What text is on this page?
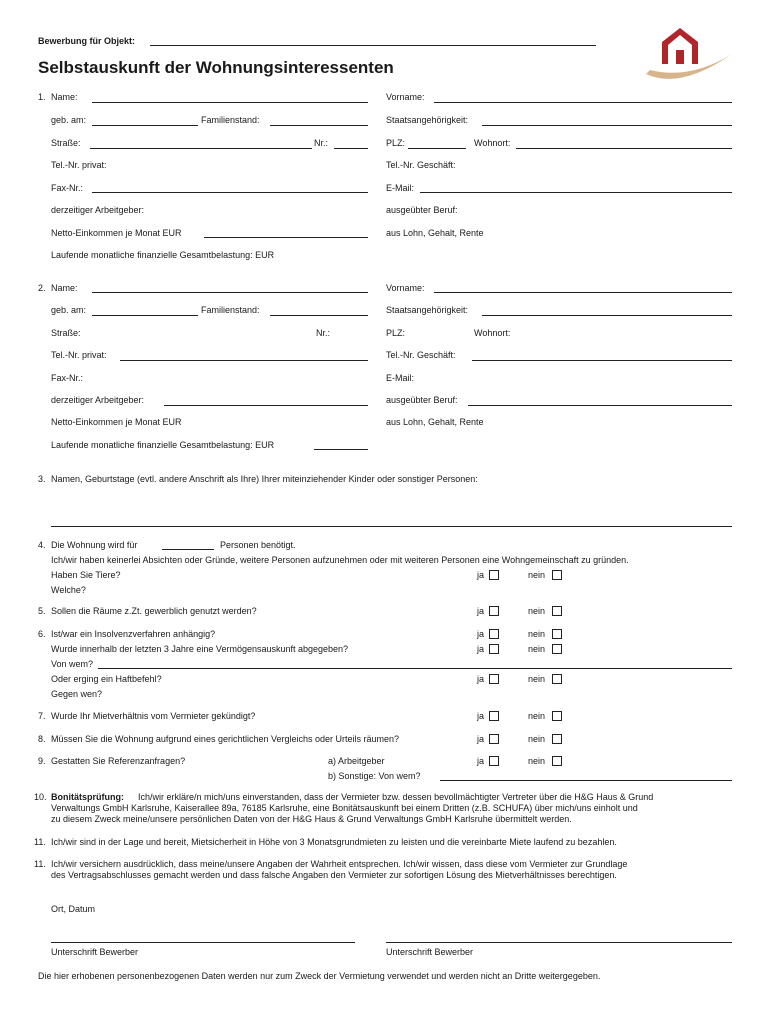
Bewerbung für Objekt:
Selbstauskunft der Wohnungsinteressenten
1. Name:	Vorname:
geb. am:	Familienstand:	Staatsangehörigkeit:
Straße:	Nr.:	PLZ:	Wohnort:
Tel.-Nr. privat:	Tel.-Nr. Geschäft:
Fax-Nr.:	E-Mail:
derzeitiger Arbeitgeber:	ausgeübter Beruf:
Netto-Einkommen je Monat EUR	aus Lohn, Gehalt, Rente
Laufende monatliche finanzielle Gesamtbelastung: EUR
2. Name:	Vorname:
geb. am:	Familienstand:	Staatsangehörigkeit:
Straße:	Nr.:	PLZ:	Wohnort:
Tel.-Nr. privat:	Tel.-Nr. Geschäft:
Fax-Nr.:	E-Mail:
derzeitiger Arbeitgeber:	ausgeübter Beruf:
Netto-Einkommen je Monat EUR	aus Lohn, Gehalt, Rente
Laufende monatliche finanzielle Gesamtbelastung: EUR
3. Namen, Geburtstage (evtl. andere Anschrift als Ihre) Ihrer miteinziehender Kinder oder sonstiger Personen:
4. Die Wohnung wird für	Personen benötigt.
Ich/wir haben keinerlei Absichten oder Gründe, weitere Personen aufzunehmen oder mit weiteren Personen eine Wohngemeinschaft zu gründen.
Haben Sie Tiere?	ja	nein
Welche?
5. Sollen die Räume z.Zt. gewerblich genutzt werden?	ja	nein
6. Ist/war ein Insolvenzverfahren anhängig?	ja	nein
Wurde innerhalb der letzten 3 Jahre eine Vermögensauskunft abgegeben?	ja	nein
Von wem?
Oder erging ein Haftbefehl?	ja	nein
Gegen wen?
7. Wurde Ihr Mietverhältnis vom Vermieter gekündigt?	ja	nein
8. Müssen Sie die Wohnung aufgrund eines gerichtlichen Vergleichs oder Urteils räumen?	ja	nein
9. Gestatten Sie Referenzanfragen?	a) Arbeitgeber	ja	nein
b) Sonstige: Von wem?
10. Bonitätsprüfung: Ich/wir erkläre/n mich/uns einverstanden, dass der Vermieter bzw. dessen bevollmächtigter Vertreter über die H&G Haus & Grund
Verwaltungs GmbH Karlsruhe, Kaiserallee 89a, 76185 Karlsruhe, eine Bonitätsauskunft bei einem Dritten (z.B. SCHUFA) über mich/uns einholt und
zu diesem Zweck meine/unsere persönlichen Daten von der H&G Haus & Grund Verwaltungs GmbH Karlsruhe übermittelt werden.
11. Ich/wir sind in der Lage und bereit, Mietsicherheit in Höhe von 3 Monatsgrundmieten zu leisten und die vereinbarte Miete laufend zu bezahlen.
11. Ich/wir versichern ausdrücklich, dass meine/unsere Angaben der Wahrheit entsprechen. Ich/wir wissen, dass diese vom Vermieter zur Grundlage
des Vertragsabschlusses gemacht werden und dass falsche Angaben den Vermieter zur sofortigen Lösung des Mietverhältnisses berechtigen.
Ort, Datum
Unterschrift Bewerber	Unterschrift Bewerber
Die hier erhobenen personenbezogenen Daten werden nur zum Zweck der Vermietung verwendet und werden nicht an Dritte weitergegeben.
